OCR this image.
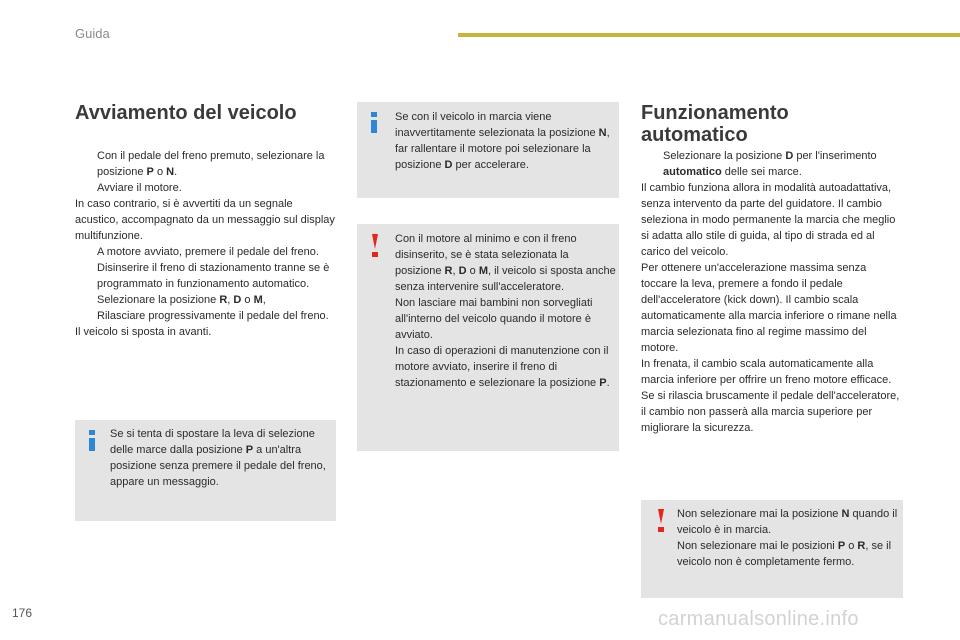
Guida
Avviamento del veicolo
Con il pedale del freno premuto, selezionare la posizione P o N.
Avviare il motore.

In caso contrario, si è avvertiti da un segnale acustico, accompagnato da un messaggio sul display multifunzione.

A motore avviato, premere il pedale del freno.
Disinserire il freno di stazionamento tranne se è programmato in funzionamento automatico.
Selezionare la posizione R, D o M,
Rilasciare progressivamente il pedale del freno.

Il veicolo si sposta in avanti.

Se si tenta di spostare la leva di selezione delle marce dalla posizione P a un'altra posizione senza premere il pedale del freno, appare un messaggio.

Se con il veicolo in marcia viene inavvertitamente selezionata la posizione N, far rallentare il motore poi selezionare la posizione D per accelerare.

Con il motore al minimo e con il freno disinserito, se è stata selezionata la posizione R, D o M, il veicolo si sposta anche senza intervenire sull'acceleratore.

Non lasciare mai bambini non sorvegliati all'interno del veicolo quando il motore è avviato.

In caso di operazioni di manutenzione con il motore avviato, inserire il freno di stazionamento e selezionare la posizione P.

Funzionamento
automatico
Selezionare la posizione D per l'inserimento automatico delle sei marce.

Il cambio funziona allora in modalità autoadattativa, senza intervento da parte del guidatore. Il cambio seleziona in modo permanente la marcia che meglio si adatta allo stile di guida, al tipo di strada ed al carico del veicolo.

Per ottenere un'accelerazione massima senza toccare la leva, premere a fondo il pedale dell'acceleratore (kick down). Il cambio scala automaticamente alla marcia inferiore o rimane nella marcia selezionata fino al regime massimo del motore.

In frenata, il cambio scala automaticamente alla marcia inferiore per offrire un freno motore efficace.

Se si rilascia bruscamente il pedale dell'acceleratore, il cambio non passerà alla marcia superiore per migliorare la sicurezza.

Non selezionare mai la posizione N quando il veicolo è in marcia.

Non selezionare mai le posizioni P o R, se il veicolo non è completamente fermo.

176	carmanualsonline.info
